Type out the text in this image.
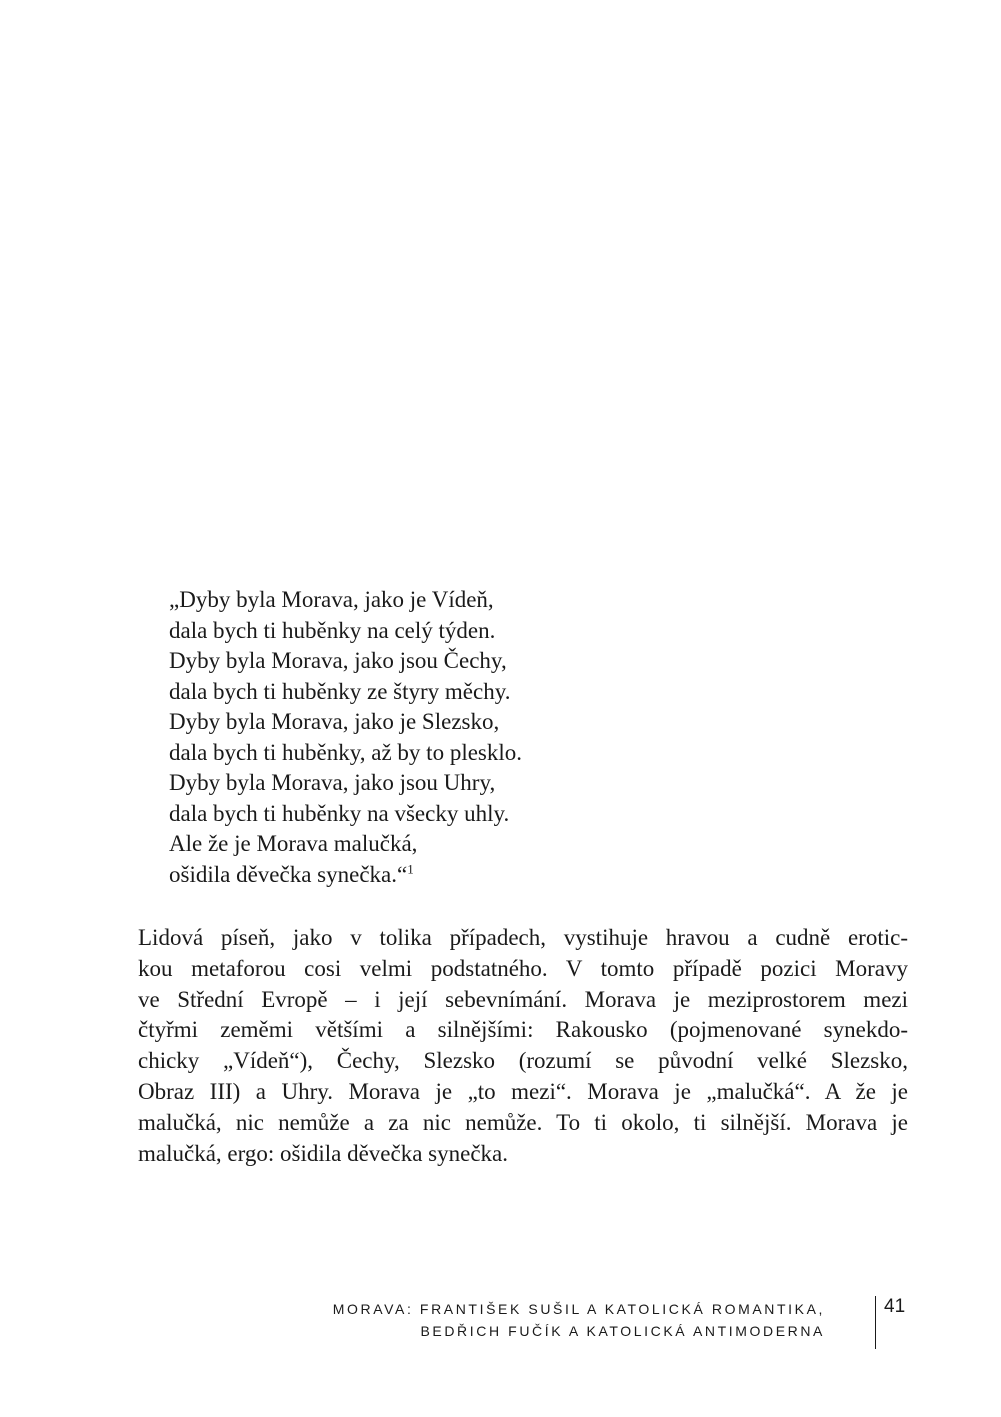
„Dyby byla Morava, jako je Vídeň,
dala bych ti huběnky na celý týden.
Dyby byla Morava, jako jsou Čechy,
dala bych ti huběnky ze štyry měchy.
Dyby byla Morava, jako je Slezsko,
dala bych ti huběnky, až by to plesklo.
Dyby byla Morava, jako jsou Uhry,
dala bych ti huběnky na všecky uhly.
Ale že je Morava malučká,
ošidila děvečka synečka.“$^1$
Lidová píseň, jako v tolika případech, vystihuje hravou a cudně erotic-
kou metaforou cosi velmi podstatného. V tomto případě pozici Moravy
ve Střední Evropě – i její sebevnímání. Morava je meziprostorem mezi
čtyřmi zeměmi většími a silnějšími: Rakousko (pojmenované synekdo-
chicky „Vídeň“), Čechy, Slezsko (rozumí se původní velké Slezsko,
Obraz III) a Uhry. Morava je „to mezi“. Morava je „malučká“. A že je
malučká, nic nemůže a za nic nemůže. To ti okolo, ti silnější. Morava je
malučká, ergo: ošidila děvečka synečka.
MORAVA: FRANTIŠEK SUŠIL A KATOLICKÁ ROMANTIKA,
BEDŘICH FUČÍK A KATOLICKÁ ANTIMODERNA
41
